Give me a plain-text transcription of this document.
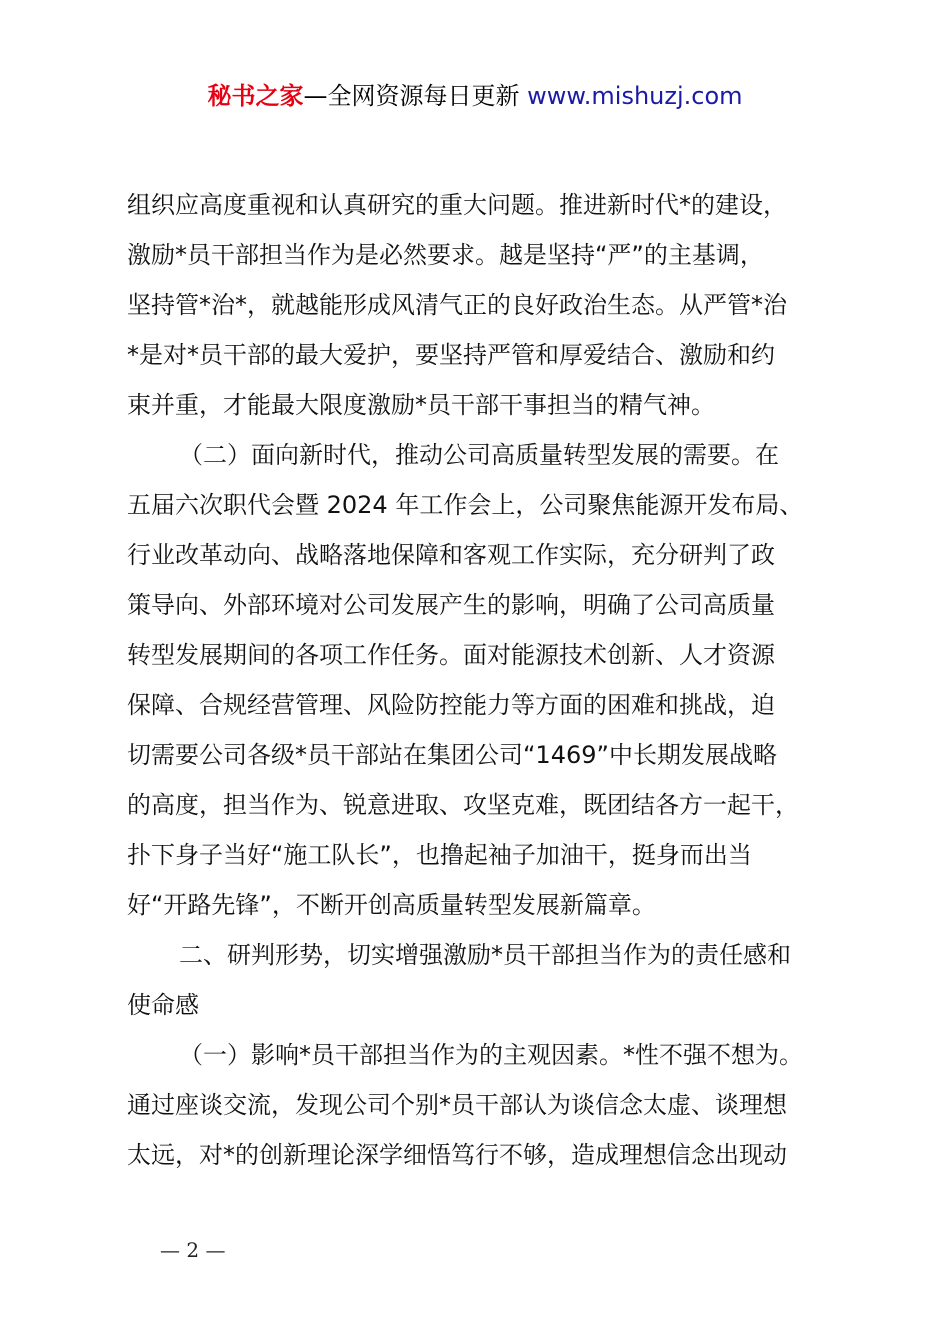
秘书之家—全网资源每日更新 www.mishuzj.com
组织应高度重视和认真研究的重大问题。推进新时代*的建设，
激励*员干部担当作为是必然要求。越是坚持“严”的主基调，
坚持管*治*，就越能形成风清气正的良好政治生态。从严管*治
*是对*员干部的最大爱护，要坚持严管和厚爱结合、激励和约
束并重，才能最大限度激励*员干部干事担当的精气神。
（二）面向新时代，推动公司高质量转型发展的需要。在
五届六次职代会暨 2024 年工作会上，公司聚焦能源开发布局、
行业改革动向、战略落地保障和客观工作实际，充分研判了政
策导向、外部环境对公司发展产生的影响，明确了公司高质量
转型发展期间的各项工作任务。面对能源技术创新、人才资源
保障、合规经营管理、风险防控能力等方面的困难和挑战，迫
切需要公司各级*员干部站在集团公司“1469”中长期发展战略
的高度，担当作为、锐意进取、攻坚克难，既团结各方一起干，
扑下身子当好“施工队长”，也撸起袖子加油干，挺身而出当
好“开路先锋”，不断开创高质量转型发展新篇章。
二、研判形势，切实增强激励*员干部担当作为的责任感和
使命感
（一）影响*员干部担当作为的主观因素。*性不强不想为。
通过座谈交流，发现公司个别*员干部认为谈信念太虚、谈理想
太远，对*的创新理论深学细悟笃行不够，造成理想信念出现动
— 2 —
